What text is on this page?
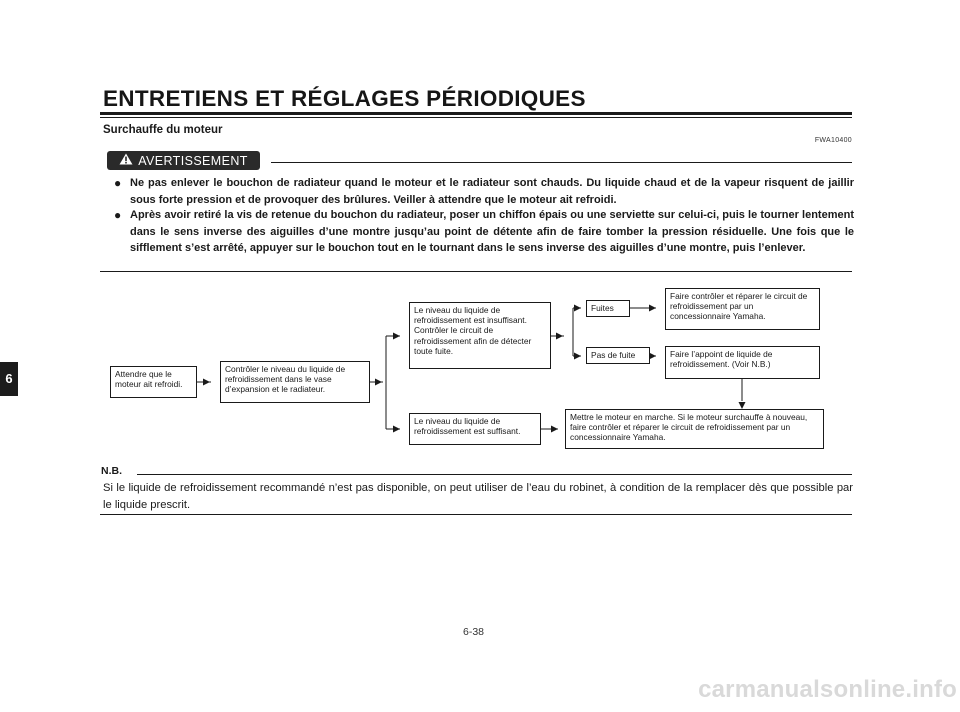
ENTRETIENS ET RÉGLAGES PÉRIODIQUES
6
Surchauffe du moteur
FWA10400
AVERTISSEMENT
● Ne pas enlever le bouchon de radiateur quand le moteur et le radiateur sont chauds. Du liquide chaud et de la vapeur risquent de jaillir sous forte pression et de provoquer des brûlures. Veiller à attendre que le moteur ait refroidi.
● Après avoir retiré la vis de retenue du bouchon du radiateur, poser un chiffon épais ou une serviette sur celui-ci, puis le tourner lentement dans le sens inverse des aiguilles d’une montre jusqu’au point de détente afin de faire tomber la pression résiduelle. Une fois que le sifflement s’est arrêté, appuyer sur le bouchon tout en le tournant dans le sens inverse des aiguilles d’une montre, puis l’enlever.
Attendre que le moteur ait refroidi.
Contrôler le niveau du liquide de refroidissement dans le vase d’expansion et le radiateur.
Le niveau du liquide de refroidissement est insuffisant. Contrôler le circuit de refroidissement afin de détecter toute fuite.
Le niveau du liquide de refroidissement est suffisant.
Fuites
Pas de fuite
Faire contrôler et réparer le circuit de refroidissement par un concessionnaire Yamaha.
Faire l’appoint de liquide de refroidissement. (Voir N.B.)
Mettre le moteur en marche. Si le moteur surchauffe à nouveau, faire contrôler et réparer le circuit de refroidissement par un concessionnaire Yamaha.
N.B.
Si le liquide de refroidissement recommandé n’est pas disponible, on peut utiliser de l’eau du robinet, à condition de la remplacer dès que possible par le liquide prescrit.
6-38
carmanualsonline.info
